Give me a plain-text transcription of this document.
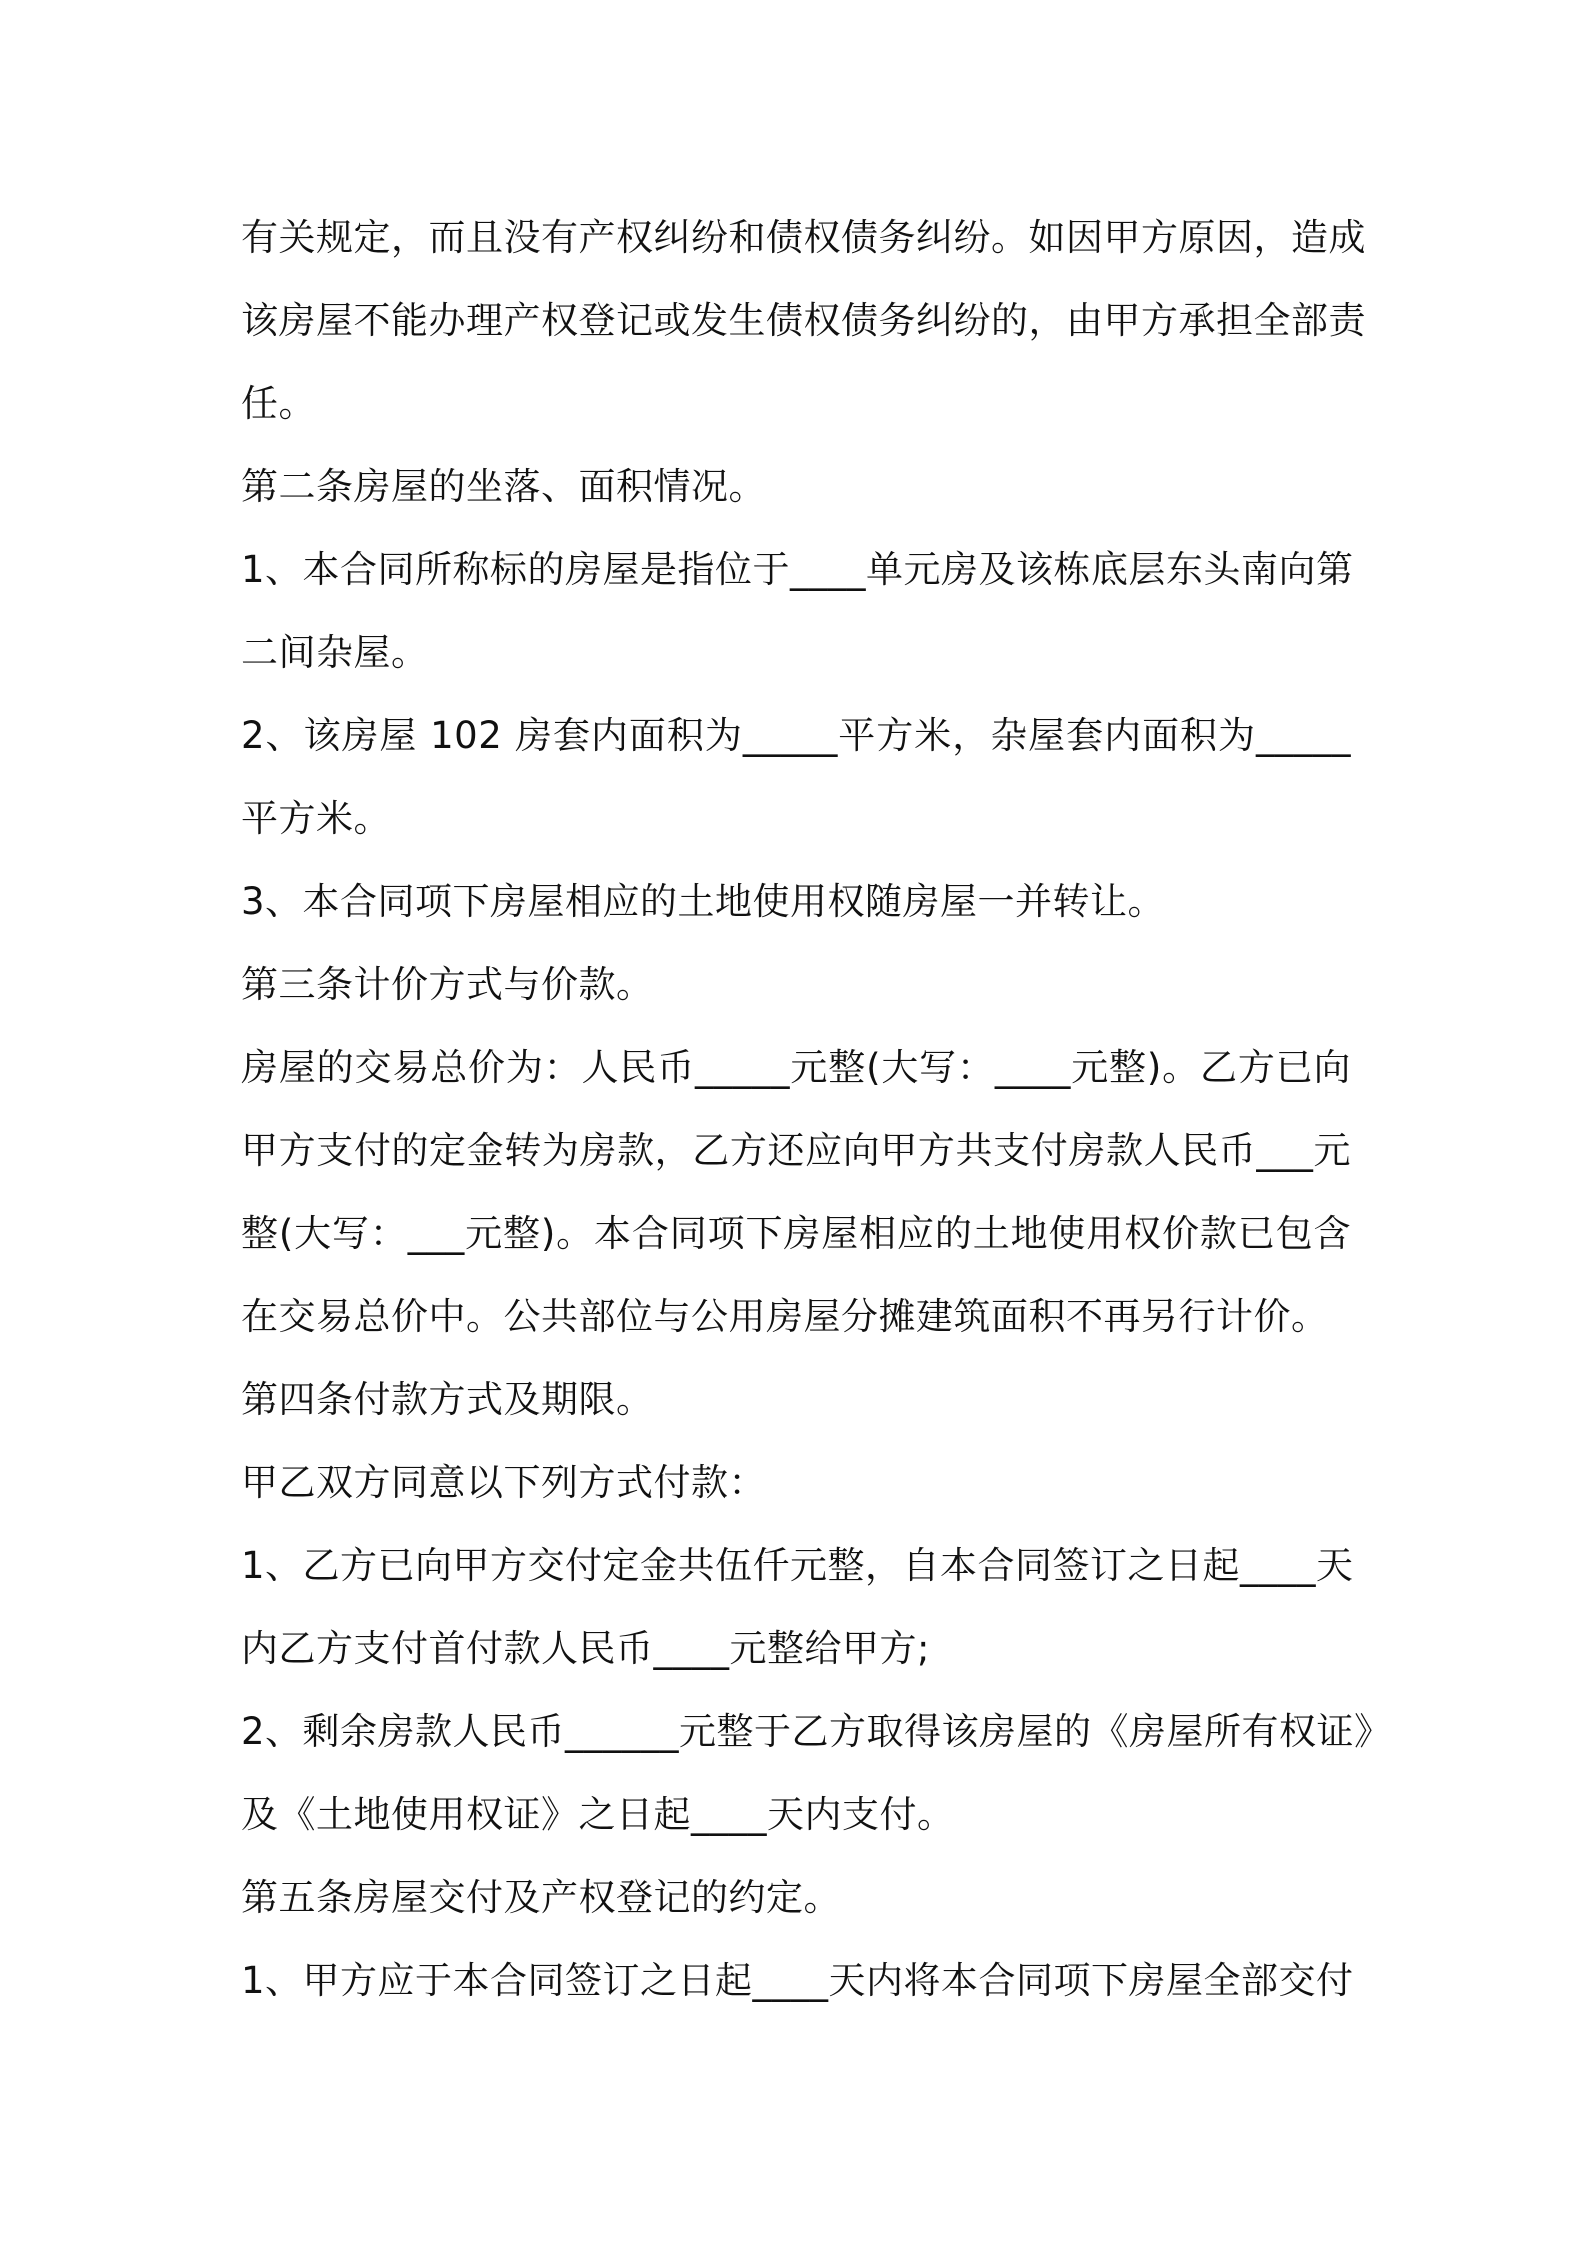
有关规定，而且没有产权纠纷和债权债务纠纷。如因甲方原因，造成
该房屋不能办理产权登记或发生债权债务纠纷的，由甲方承担全部责
任。
第二条房屋的坐落、面积情况。
1、本合同所称标的房屋是指位于____单元房及该栋底层东头南向第
二间杂屋。
2、该房屋 102 房套内面积为_____平方米，杂屋套内面积为_____
平方米。
3、本合同项下房屋相应的土地使用权随房屋一并转让。
第三条计价方式与价款。
房屋的交易总价为：人民币_____元整(大写：____元整)。乙方已向
甲方支付的定金转为房款，乙方还应向甲方共支付房款人民币___元
整(大写：___元整)。本合同项下房屋相应的土地使用权价款已包含
在交易总价中。公共部位与公用房屋分摊建筑面积不再另行计价。
第四条付款方式及期限。
甲乙双方同意以下列方式付款：
1、乙方已向甲方交付定金共伍仟元整，自本合同签订之日起____天
内乙方支付首付款人民币____元整给甲方;
2、剩余房款人民币______元整于乙方取得该房屋的《房屋所有权证》
及《土地使用权证》之日起____天内支付。
第五条房屋交付及产权登记的约定。
1、甲方应于本合同签订之日起____天内将本合同项下房屋全部交付
